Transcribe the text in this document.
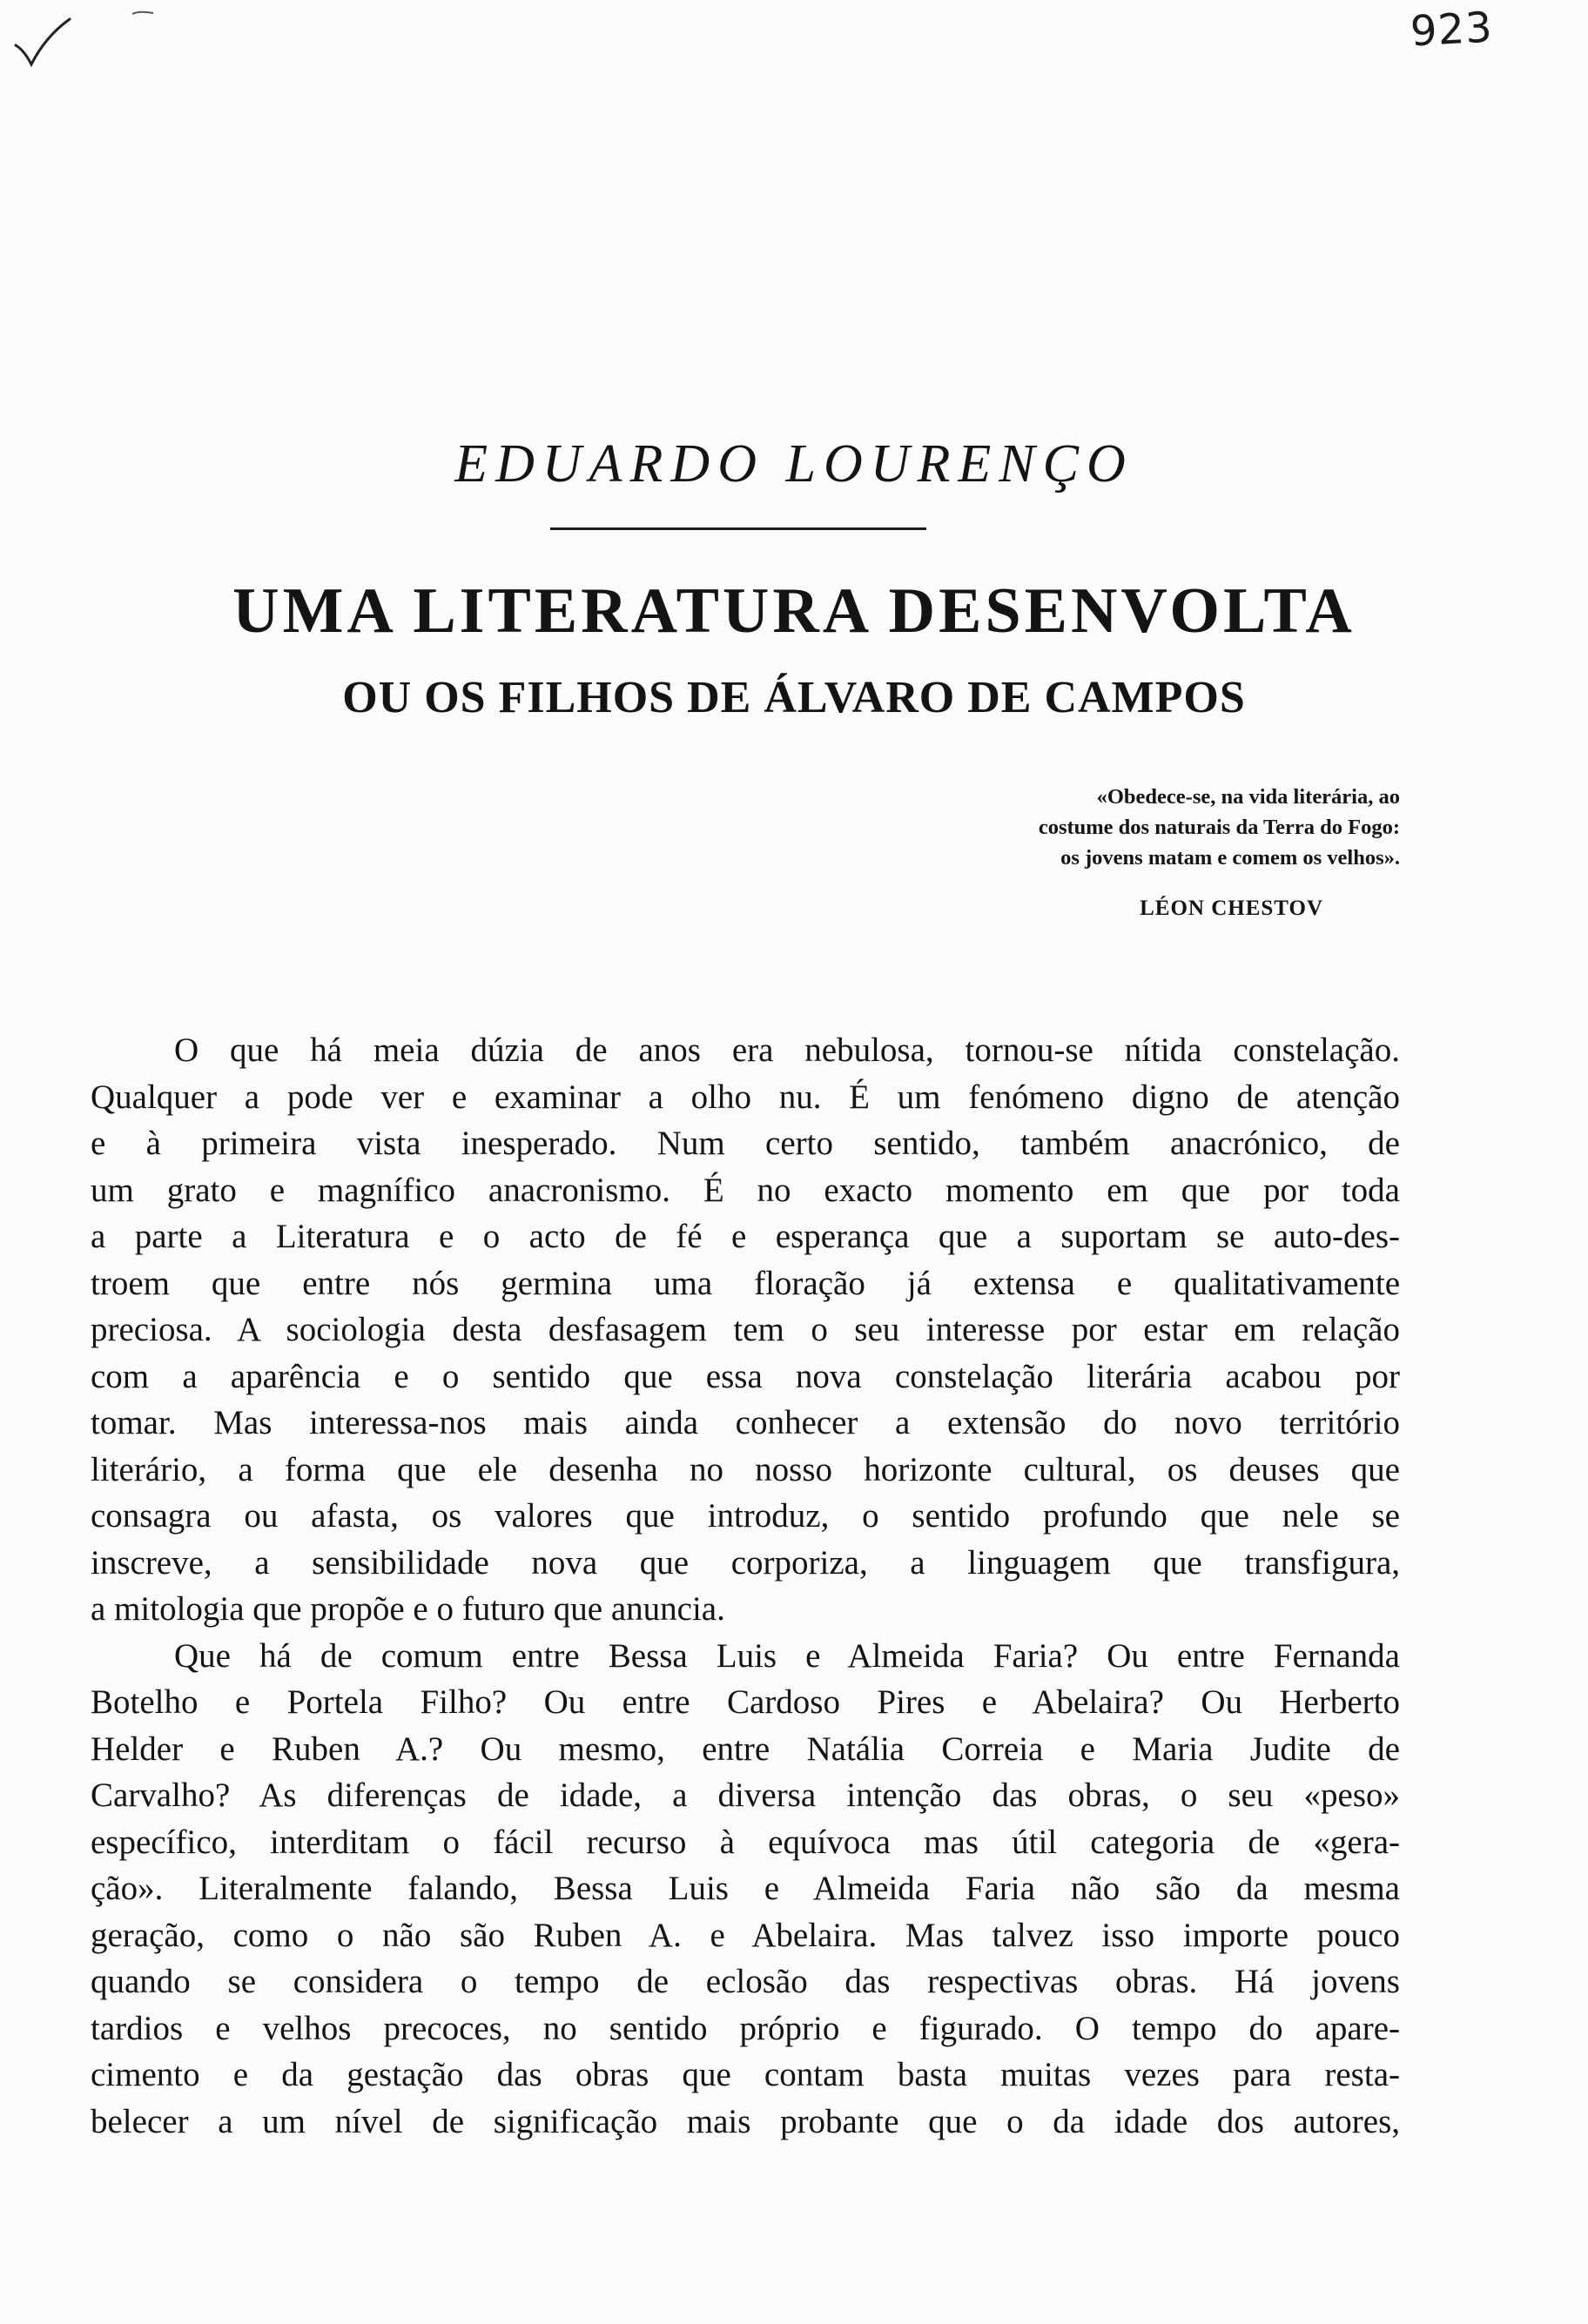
923
EDUARDO LOURENÇO
UMA LITERATURA DESENVOLTA
OU OS FILHOS DE ÁLVARO DE CAMPOS
«Obedece-se, na vida literária, ao
costume dos naturais da Terra do Fogo:
os jovens matam e comem os velhos».
LÉON CHESTOV

O que há meia dúzia de anos era nebulosa, tornou-se nítida constelação.
Qualquer a pode ver e examinar a olho nu. É um fenómeno digno de atenção
e à primeira vista inesperado. Num certo sentido, também anacrónico, de
um grato e magnífico anacronismo. É no exacto momento em que por toda
a parte a Literatura e o acto de fé e esperança que a suportam se auto-des-
troem que entre nós germina uma floração já extensa e qualitativamente
preciosa. A sociologia desta desfasagem tem o seu interesse por estar em relação
com a aparência e o sentido que essa nova constelação literária acabou por
tomar. Mas interessa-nos mais ainda conhecer a extensão do novo território
literário, a forma que ele desenha no nosso horizonte cultural, os deuses que
consagra ou afasta, os valores que introduz, o sentido profundo que nele se
inscreve, a sensibilidade nova que corporiza, a linguagem que transfigura,
a mitologia que propõe e o futuro que anuncia.

Que há de comum entre Bessa Luis e Almeida Faria? Ou entre Fernanda
Botelho e Portela Filho? Ou entre Cardoso Pires e Abelaira? Ou Herberto
Helder e Ruben A.? Ou mesmo, entre Natália Correia e Maria Judite de
Carvalho? As diferenças de idade, a diversa intenção das obras, o seu «peso»
específico, interditam o fácil recurso à equívoca mas útil categoria de «gera-
ção». Literalmente falando, Bessa Luis e Almeida Faria não são da mesma
geração, como o não são Ruben A. e Abelaira. Mas talvez isso importe pouco
quando se considera o tempo de eclosão das respectivas obras. Há jovens
tardios e velhos precoces, no sentido próprio e figurado. O tempo do apare-
cimento e da gestação das obras que contam basta muitas vezes para resta-
belecer a um nível de significação mais probante que o da idade dos autores,
